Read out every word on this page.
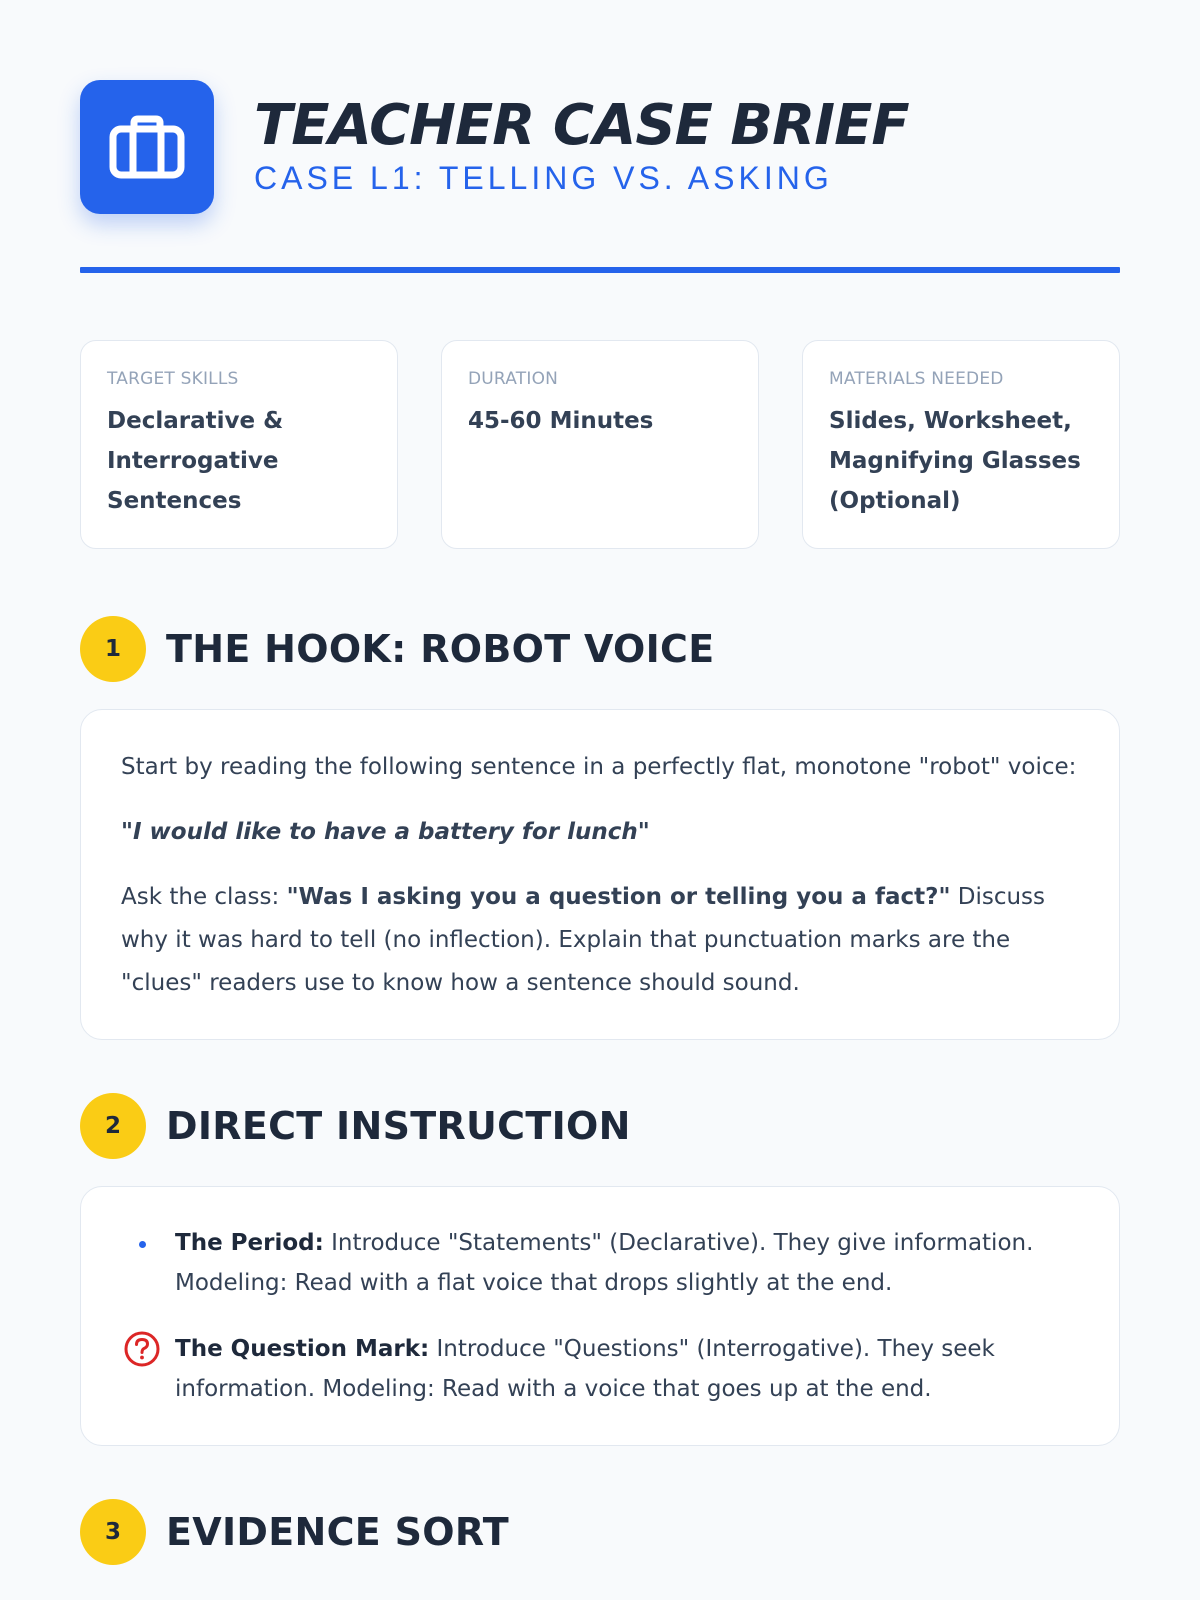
TEACHER CASE BRIEF
CASE L1: TELLING VS. ASKING
TARGET SKILLS
Declarative & Interrogative Sentences
DURATION
45-60 Minutes
MATERIALS NEEDED
Slides, Worksheet, Magnifying Glasses (Optional)
1	THE HOOK: ROBOT VOICE

Start by reading the following sentence in a perfectly flat, monotone "robot" voice:

"I would like to have a battery for lunch"

Ask the class: "Was I asking you a question or telling you a fact?" Discuss why it was hard to tell (no inflection). Explain that punctuation marks are the "clues" readers use to know how a sentence should sound.

2	DIRECT INSTRUCTION
The Period: Introduce "Statements" (Declarative). They give information. Modeling: Read with a flat voice that drops slightly at the end.
The Question Mark: Introduce "Questions" (Interrogative). They seek information. Modeling: Read with a voice that goes up at the end.
3	EVIDENCE SORT
